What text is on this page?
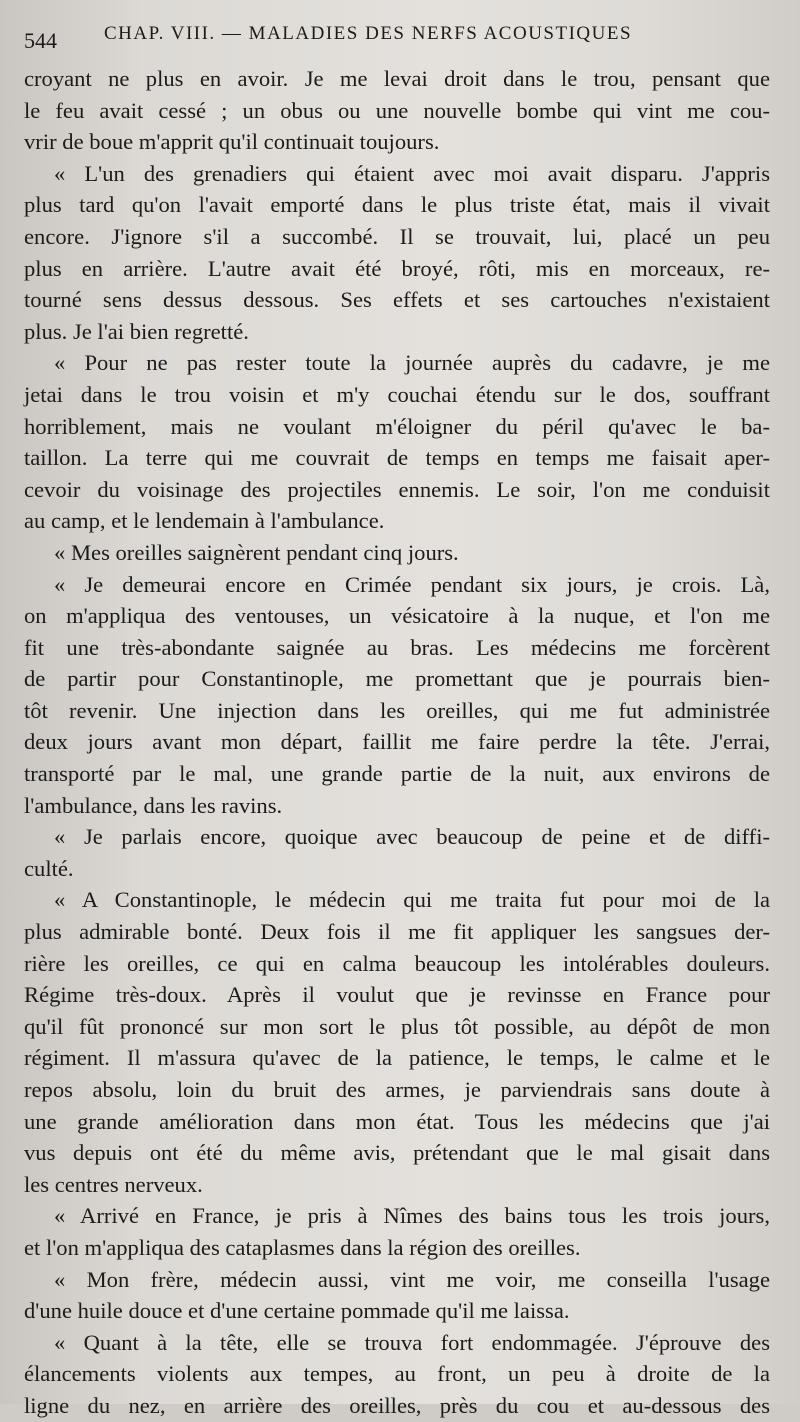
544 CHAP. VIII. — MALADIES DES NERFS ACOUSTIQUES
croyant ne plus en avoir. Je me levai droit dans le trou, pensant que
le feu avait cessé ; un obus ou une nouvelle bombe qui vint me cou-
vrir de boue m'apprit qu'il continuait toujours.
« L'un des grenadiers qui étaient avec moi avait disparu. J'appris
plus tard qu'on l'avait emporté dans le plus triste état, mais il vivait
encore. J'ignore s'il a succombé. Il se trouvait, lui, placé un peu
plus en arrière. L'autre avait été broyé, rôti, mis en morceaux, re-
tourné sens dessus dessous. Ses effets et ses cartouches n'existaient
plus. Je l'ai bien regretté.
« Pour ne pas rester toute la journée auprès du cadavre, je me
jetai dans le trou voisin et m'y couchai étendu sur le dos, souffrant
horriblement, mais ne voulant m'éloigner du péril qu'avec le ba-
taillon. La terre qui me couvrait de temps en temps me faisait aper-
cevoir du voisinage des projectiles ennemis. Le soir, l'on me conduisit
au camp, et le lendemain à l'ambulance.
« Mes oreilles saignèrent pendant cinq jours.
« Je demeurai encore en Crimée pendant six jours, je crois. Là,
on m'appliqua des ventouses, un vésicatoire à la nuque, et l'on me
fit une très-abondante saignée au bras. Les médecins me forcèrent
de partir pour Constantinople, me promettant que je pourrais bien-
tôt revenir. Une injection dans les oreilles, qui me fut administrée
deux jours avant mon départ, faillit me faire perdre la tête. J'errai,
transporté par le mal, une grande partie de la nuit, aux environs de
l'ambulance, dans les ravins.
« Je parlais encore, quoique avec beaucoup de peine et de diffi-
culté.
« A Constantinople, le médecin qui me traita fut pour moi de la
plus admirable bonté. Deux fois il me fit appliquer les sangsues der-
rière les oreilles, ce qui en calma beaucoup les intolérables douleurs.
Régime très-doux. Après il voulut que je revinsse en France pour
qu'il fût prononcé sur mon sort le plus tôt possible, au dépôt de mon
régiment. Il m'assura qu'avec de la patience, le temps, le calme et le
repos absolu, loin du bruit des armes, je parviendrais sans doute à
une grande amélioration dans mon état. Tous les médecins que j'ai
vus depuis ont été du même avis, prétendant que le mal gisait dans
les centres nerveux.
« Arrivé en France, je pris à Nîmes des bains tous les trois jours,
et l'on m'appliqua des cataplasmes dans la région des oreilles.
« Mon frère, médecin aussi, vint me voir, me conseilla l'usage
d'une huile douce et d'une certaine pommade qu'il me laissa.
« Quant à la tête, elle se trouva fort endommagée. J'éprouve des
élancements violents aux tempes, au front, un peu à droite de la
ligne du nez, en arrière des oreilles, près du cou et au-dessous des
